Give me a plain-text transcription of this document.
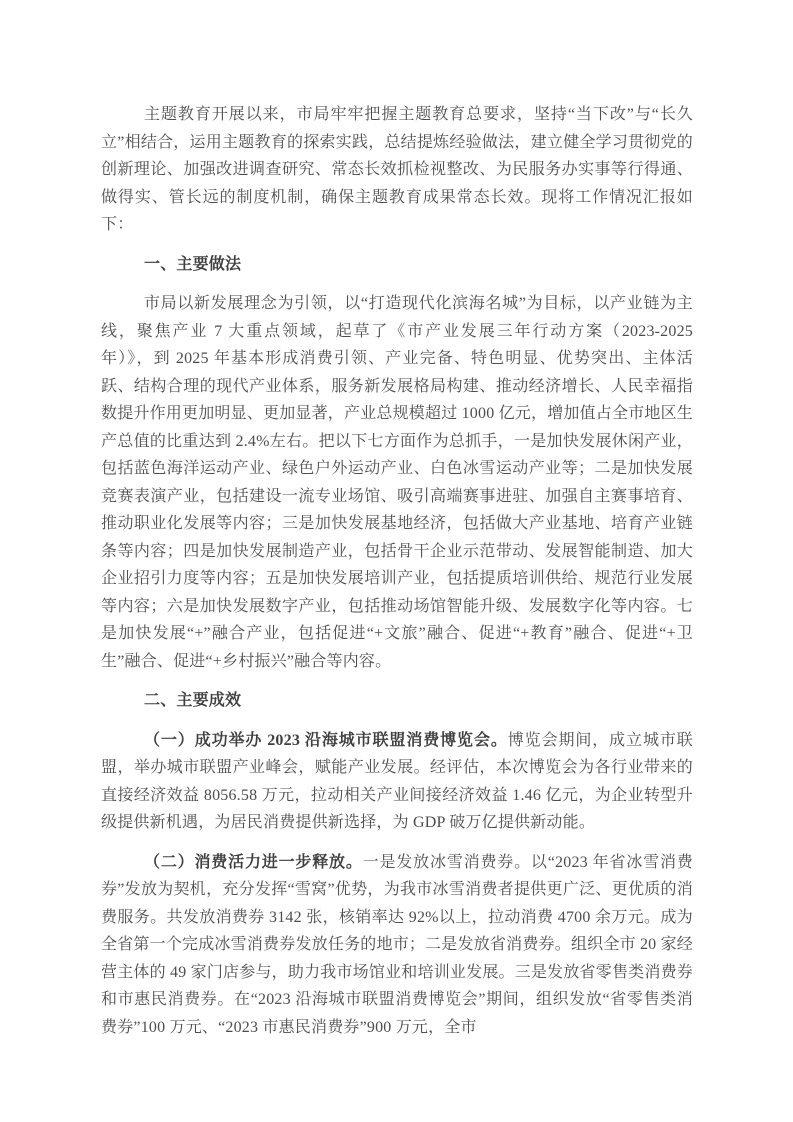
主题教育开展以来，市局牢牢把握主题教育总要求，坚持“当下改”与“长久立”相结合，运用主题教育的探索实践，总结提炼经验做法，建立健全学习贯彻党的创新理论、加强改进调查研究、常态长效抓检视整改、为民服务办实事等行得通、做得实、管长远的制度机制，确保主题教育成果常态长效。现将工作情况汇报如下：

一、主要做法

市局以新发展理念为引领，以“打造现代化滨海名城”为目标，以产业链为主线，聚焦产业 7 大重点领域，起草了《市产业发展三年行动方案（2023-2025 年）》，到 2025 年基本形成消费引领、产业完备、特色明显、优势突出、主体活跃、结构合理的现代产业体系，服务新发展格局构建、推动经济增长、人民幸福指数提升作用更加明显、更加显著，产业总规模超过 1000 亿元，增加值占全市地区生产总值的比重达到 2.4%左右。把以下七方面作为总抓手，一是加快发展休闲产业，包括蓝色海洋运动产业、绿色户外运动产业、白色冰雪运动产业等；二是加快发展竞赛表演产业，包括建设一流专业场馆、吸引高端赛事进驻、加强自主赛事培育、推动职业化发展等内容；三是加快发展基地经济，包括做大产业基地、培育产业链条等内容；四是加快发展制造产业，包括骨干企业示范带动、发展智能制造、加大企业招引力度等内容；五是加快发展培训产业，包括提质培训供给、规范行业发展等内容；六是加快发展数字产业，包括推动场馆智能升级、发展数字化等内容。七是加快发展“+”融合产业，包括促进“+文旅”融合、促进“+教育”融合、促进“+卫生”融合、促进“+乡村振兴”融合等内容。

二、主要成效

（一）成功举办 2023 沿海城市联盟消费博览会。博览会期间，成立城市联盟，举办城市联盟产业峰会，赋能产业发展。经评估，本次博览会为各行业带来的直接经济效益 8056.58 万元，拉动相关产业间接经济效益 1.46 亿元，为企业转型升级提供新机遇，为居民消费提供新选择，为 GDP 破万亿提供新动能。

（二）消费活力进一步释放。一是发放冰雪消费券。以“2023 年省冰雪消费券”发放为契机，充分发挥“雪窝”优势，为我市冰雪消费者提供更广泛、更优质的消费服务。共发放消费券 3142 张，核销率达 92%以上，拉动消费 4700 余万元。成为全省第一个完成冰雪消费券发放任务的地市；二是发放省消费券。组织全市 20 家经营主体的 49 家门店参与，助力我市场馆业和培训业发展。三是发放省零售类消费券和市惠民消费券。在“2023 沿海城市联盟消费博览会”期间，组织发放“省零售类消费券”100 万元、“2023 市惠民消费券”900 万元，全市
